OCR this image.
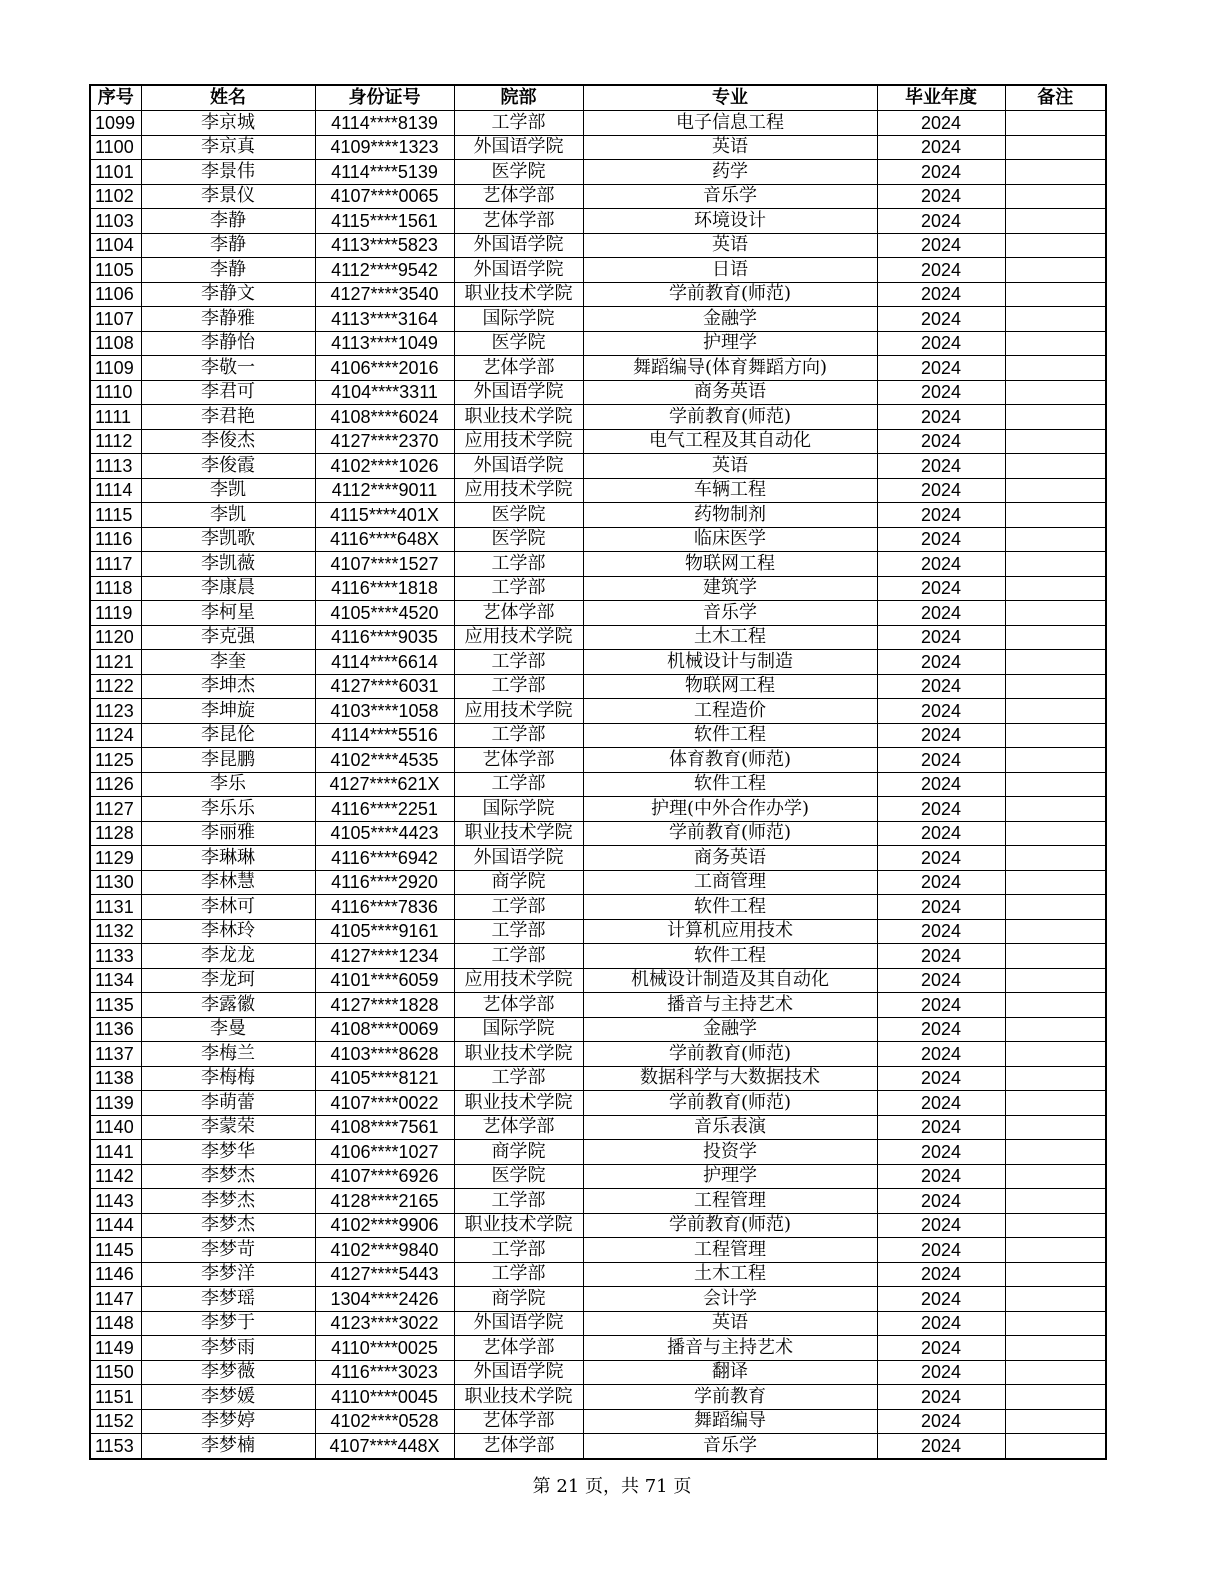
序号	姓名	身份证号	院部	专业	毕业年度	备注
1099	李京城	4114****8139	工学部	电子信息工程	2024	
1100	李京真	4109****1323	外国语学院	英语	2024	
1101	李景伟	4114****5139	医学院	药学	2024	
1102	李景仪	4107****0065	艺体学部	音乐学	2024	
1103	李静	4115****1561	艺体学部	环境设计	2024	
1104	李静	4113****5823	外国语学院	英语	2024	
1105	李静	4112****9542	外国语学院	日语	2024	
1106	李静文	4127****3540	职业技术学院	学前教育(师范)	2024	
1107	李静雅	4113****3164	国际学院	金融学	2024	
1108	李静怡	4113****1049	医学院	护理学	2024	
1109	李敬一	4106****2016	艺体学部	舞蹈编导(体育舞蹈方向)	2024	
1110	李君可	4104****3311	外国语学院	商务英语	2024	
1111	李君艳	4108****6024	职业技术学院	学前教育(师范)	2024	
1112	李俊杰	4127****2370	应用技术学院	电气工程及其自动化	2024	
1113	李俊霞	4102****1026	外国语学院	英语	2024	
1114	李凯	4112****9011	应用技术学院	车辆工程	2024	
1115	李凯	4115****401X	医学院	药物制剂	2024	
1116	李凯歌	4116****648X	医学院	临床医学	2024	
1117	李凯薇	4107****1527	工学部	物联网工程	2024	
1118	李康晨	4116****1818	工学部	建筑学	2024	
1119	李柯星	4105****4520	艺体学部	音乐学	2024	
1120	李克强	4116****9035	应用技术学院	土木工程	2024	
1121	李奎	4114****6614	工学部	机械设计与制造	2024	
1122	李坤杰	4127****6031	工学部	物联网工程	2024	
1123	李坤旋	4103****1058	应用技术学院	工程造价	2024	
1124	李昆伦	4114****5516	工学部	软件工程	2024	
1125	李昆鹏	4102****4535	艺体学部	体育教育(师范)	2024	
1126	李乐	4127****621X	工学部	软件工程	2024	
1127	李乐乐	4116****2251	国际学院	护理(中外合作办学)	2024	
1128	李丽雅	4105****4423	职业技术学院	学前教育(师范)	2024	
1129	李琳琳	4116****6942	外国语学院	商务英语	2024	
1130	李林慧	4116****2920	商学院	工商管理	2024	
1131	李林可	4116****7836	工学部	软件工程	2024	
1132	李林玲	4105****9161	工学部	计算机应用技术	2024	
1133	李龙龙	4127****1234	工学部	软件工程	2024	
1134	李龙珂	4101****6059	应用技术学院	机械设计制造及其自动化	2024	
1135	李露徽	4127****1828	艺体学部	播音与主持艺术	2024	
1136	李曼	4108****0069	国际学院	金融学	2024	
1137	李梅兰	4103****8628	职业技术学院	学前教育(师范)	2024	
1138	李梅梅	4105****8121	工学部	数据科学与大数据技术	2024	
1139	李萌蕾	4107****0022	职业技术学院	学前教育(师范)	2024	
1140	李蒙荣	4108****7561	艺体学部	音乐表演	2024	
1141	李梦华	4106****1027	商学院	投资学	2024	
1142	李梦杰	4107****6926	医学院	护理学	2024	
1143	李梦杰	4128****2165	工学部	工程管理	2024	
1144	李梦杰	4102****9906	职业技术学院	学前教育(师范)	2024	
1145	李梦苛	4102****9840	工学部	工程管理	2024	
1146	李梦洋	4127****5443	工学部	土木工程	2024	
1147	李梦瑶	1304****2426	商学院	会计学	2024	
1148	李梦于	4123****3022	外国语学院	英语	2024	
1149	李梦雨	4110****0025	艺体学部	播音与主持艺术	2024	
1150	李梦薇	4116****3023	外国语学院	翻译	2024	
1151	李梦媛	4110****0045	职业技术学院	学前教育	2024	
1152	李梦婷	4102****0528	艺体学部	舞蹈编导	2024	
1153	李梦楠	4107****448X	艺体学部	音乐学	2024	
第 21 页，共 71 页
